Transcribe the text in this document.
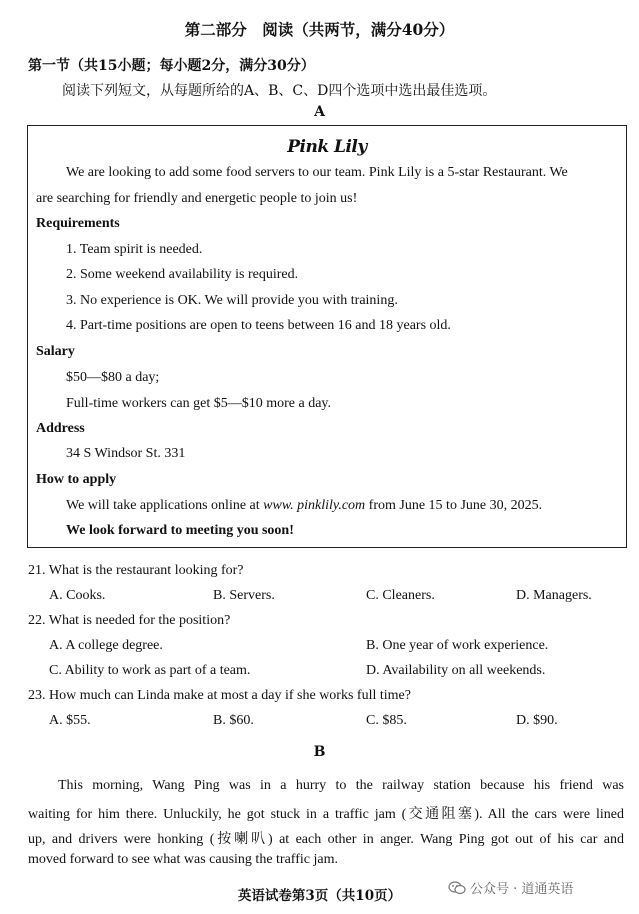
第二部分　阅读（共两节，满分40分）
第一节（共15小题；每小题2分，满分30分）
阅读下列短文，从每题所给的A、B、C、D四个选项中选出最佳选项。
A
Pink Lily
We are looking to add some food servers to our team. Pink Lily is a 5-star Restaurant. We
are searching for friendly and energetic people to join us!
Requirements
1. Team spirit is needed.
2. Some weekend availability is required.
3. No experience is OK. We will provide you with training.
4. Part-time positions are open to teens between 16 and 18 years old.
Salary
$50—$80 a day;
Full-time workers can get $5—$10 more a day.
Address
34 S Windsor St. 331
How to apply
We will take applications online at www. pinklily.com from June 15 to June 30, 2025.
We look forward to meeting you soon!
21. What is the restaurant looking for?
A. Cooks.	B. Servers.	C. Cleaners.	D. Managers.
22. What is needed for the position?
A. A college degree.	B. One year of work experience.
C. Ability to work as part of a team.	D. Availability on all weekends.
23. How much can Linda make at most a day if she works full time?
A. $55.	B. $60.	C. $85.	D. $90.
B
This morning, Wang Ping was in a hurry to the railway station because his friend was
waiting for him there. Unluckily, he got stuck in a traffic jam (交通阻塞). All the cars were lined
up, and drivers were honking (按喇叭) at each other in anger. Wang Ping got out of his car and
moved forward to see what was causing the traffic jam.
英语试卷第3页（共10页）	公众号 · 道通英语
